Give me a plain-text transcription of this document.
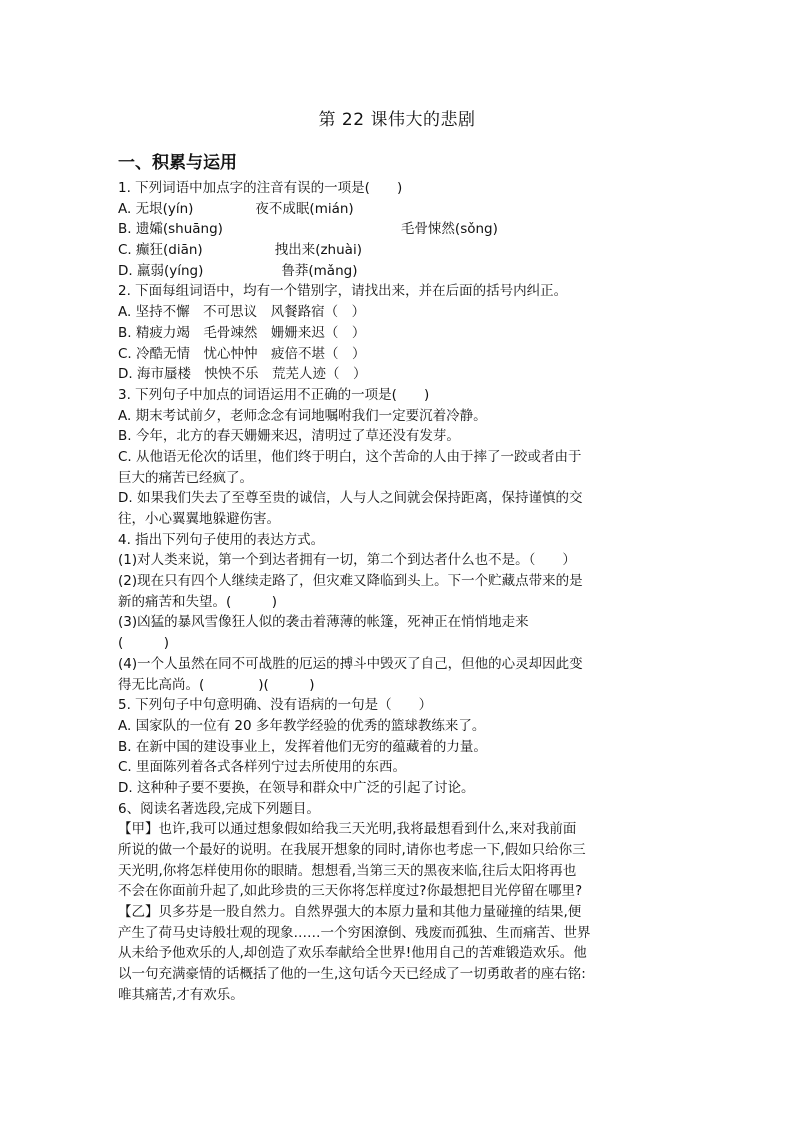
第 22 课伟大的悲剧
一、积累与运用
1. 下列词语中加点字的注音有误的一项是(　　)
A. 无垠(yín)	夜不成眠(mián)
B. 遗孀(shuāng)	毛骨悚然(sǒng)
C. 癫狂(diān)	拽出来(zhuài)
D. 羸弱(yíng)	鲁莽(mǎng)
2. 下面每组词语中，均有一个错别字，请找出来，并在后面的括号内纠正。
A. 坚持不懈　不可思议　风餐路宿（　）
B. 精疲力竭　毛骨竦然　姗姗来迟（　）
C. 冷酷无情　忧心忡忡　疲倍不堪（　）
D. 海市蜃楼　怏怏不乐　荒芜人迹（　）
3. 下列句子中加点的词语运用不正确的一项是(　　)
A. 期末考试前夕，老师念念有词地嘱咐我们一定要沉着冷静。
B. 今年，北方的春天姗姗来迟，清明过了草还没有发芽。
C. 从他语无伦次的话里，他们终于明白，这个苦命的人由于摔了一跤或者由于
巨大的痛苦已经疯了。
D. 如果我们失去了至尊至贵的诚信，人与人之间就会保持距离，保持谨慎的交
往，小心翼翼地躲避伤害。
4. 指出下列句子使用的表达方式。
(1)对人类来说，第一个到达者拥有一切，第二个到达者什么也不是。（　　）
(2)现在只有四个人继续走路了，但灾难又降临到头上。下一个贮藏点带来的是
新的痛苦和失望。(　　　)
(3)凶猛的暴风雪像狂人似的袭击着薄薄的帐篷，死神正在悄悄地走来
(　　　)
(4)一个人虽然在同不可战胜的厄运的搏斗中毁灭了自己，但他的心灵却因此变
得无比高尚。(　　　　)(　　　)
5. 下列句子中句意明确、没有语病的一句是（　　）
A. 国家队的一位有 20 多年教学经验的优秀的篮球教练来了。
B. 在新中国的建设事业上，发挥着他们无穷的蕴藏着的力量。
C. 里面陈列着各式各样列宁过去所使用的东西。
D. 这种种子要不要换，在领导和群众中广泛的引起了讨论。
6、阅读名著选段,完成下列题目。
【甲】也许,我可以通过想象假如给我三天光明,我将最想看到什么,来对我前面
所说的做一个最好的说明。在我展开想象的同时,请你也考虑一下,假如只给你三
天光明,你将怎样使用你的眼睛。想想看,当第三天的黑夜来临,往后太阳将再也
不会在你面前升起了,如此珍贵的三天你将怎样度过?你最想把目光停留在哪里?
【乙】贝多芬是一股自然力。自然界强大的本原力量和其他力量碰撞的结果,便
产生了荷马史诗般壮观的现象……一个穷困潦倒、残废而孤独、生而痛苦、世界
从未给予他欢乐的人,却创造了欢乐奉献给全世界!他用自己的苦难锻造欢乐。他
以一句充满豪情的话概括了他的一生,这句话今天已经成了一切勇敢者的座右铭:
唯其痛苦,才有欢乐。
